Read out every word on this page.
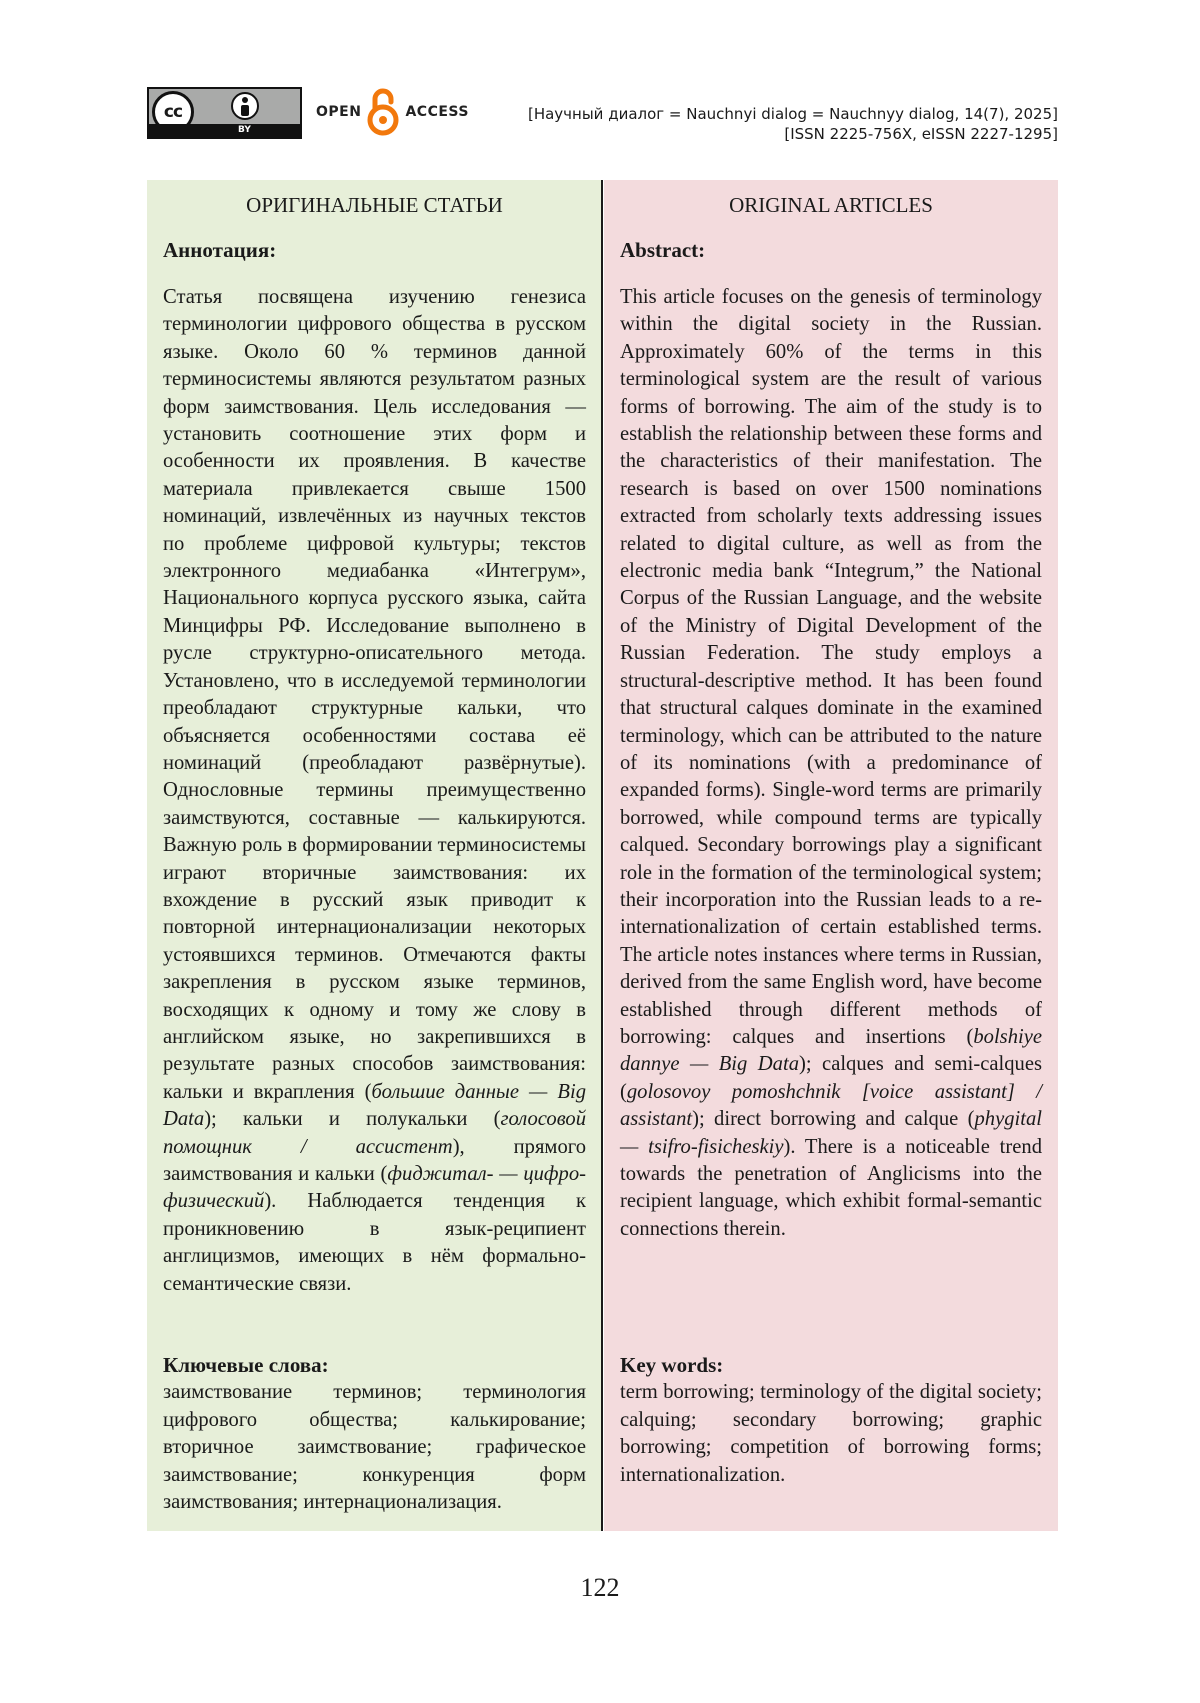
cc
BY
OPEN	ACCESS	[Научный диалог = Nauchnyi dialog = Nauchnyy dialog, 14(7), 2025]
[ISSN 2225-756X, eISSN 2227-1295]
ОРИГИНАЛЬНЫЕ СТАТЬИ
Аннотация:

Статья посвящена изучению генезиса терминологии цифрового общества в русском языке. Около 60 % терминов данной терминосистемы являются результатом разных форм заимствования. Цель исследования — установить соотношение этих форм и особенности их проявления. В качестве материала привлекается свыше 1500 номинаций, извлечённых из научных текстов по проблеме цифровой культуры; текстов электронного медиабанка «Интегрум», Национального корпуса русского языка, сайта Минцифры РФ. Исследование выполнено в русле структурно-описательного метода. Установлено, что в исследуемой терминологии преобладают структурные кальки, что объясняется особенностями состава её номинаций (преобладают развёрнутые). Однословные термины преимущественно заимствуются, составные — калькируются. Важную роль в формировании терминосистемы играют вторичные заимствования: их вхождение в русский язык приводит к повторной интернационализации некоторых устоявшихся терминов. Отмечаются факты закрепления в русском языке терминов, восходящих к одному и тому же слову в английском языке, но закрепившихся в результате разных способов заимствования: кальки и вкрапления (большие данные — Big Data); кальки и полукальки (голосовой помощник / ассистент), прямого заимствования и кальки (фиджитал- — цифро-физический). Наблюдается тенденция к проникновению в язык-реципиент англицизмов, имеющих в нём формально-семантические связи.

Ключевые слова:

заимствование терминов; терминология цифрового общества; калькирование; вторичное заимствование; графическое заимствование; конкуренция форм заимствования; интернационализация.

ORIGINAL ARTICLES
Abstract:

This article focuses on the genesis of terminology within the digital society in the Russian. Approximately 60% of the terms in this terminological system are the result of various forms of borrowing. The aim of the study is to establish the relationship between these forms and the characteristics of their manifestation. The research is based on over 1500 nominations extracted from scholarly texts addressing issues related to digital culture, as well as from the electronic media bank “Integrum,” the National Corpus of the Russian Language, and the website of the Ministry of Digital Development of the Russian Federation. The study employs a structural-descriptive method. It has been found that structural calques dominate in the examined terminology, which can be attributed to the nature of its nominations (with a predominance of expanded forms). Single-word terms are primarily borrowed, while compound terms are typically calqued. Secondary borrowings play a significant role in the formation of the terminological system; their incorporation into the Russian leads to a re-internationalization of certain established terms. The article notes instances where terms in Russian, derived from the same English word, have become established through different methods of borrowing: calques and insertions (bolshiye dannye — Big Data); calques and semi-calques (golosovoy pomoshchnik [voice assistant] / assistant); direct borrowing and calque (phygital — tsifro-fisicheskiy). There is a noticeable trend towards the penetration of Anglicisms into the recipient language, which exhibit formal-semantic connections therein.

Key words:

term borrowing; terminology of the digital society; calquing; secondary borrowing; graphic borrowing; competition of borrowing forms; internationalization.

122
